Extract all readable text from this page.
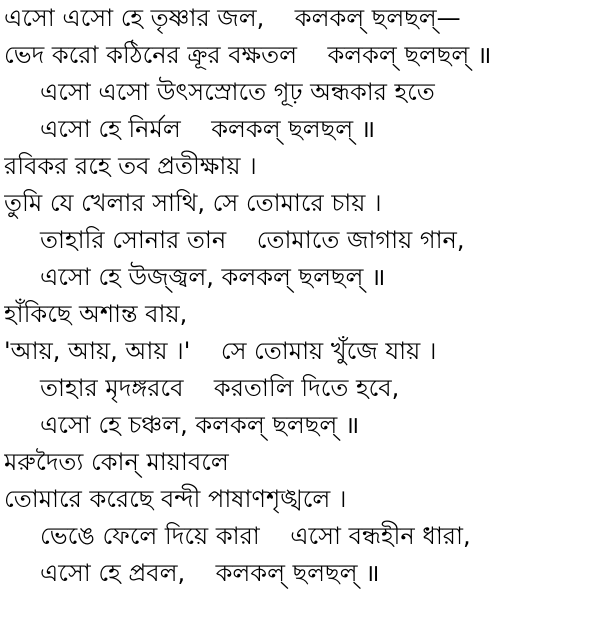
এসো এসো হে তৃষ্ণার জল,    কলকল্‌ ছলছল্‌—
ভেদ করো কঠিনের ক্রূর বক্ষতল    কলকল্‌ ছলছল্‌ ॥
এসো এসো উৎসস্রোতে গূঢ় অন্ধকার হতে
এসো হে নির্মল    কলকল্‌ ছলছল্‌ ॥
রবিকর রহে তব প্রতীক্ষায় ।
তুমি যে খেলার সাথি, সে তোমারে চায় ।
তাহারি সোনার তান    তোমাতে জাগায় গান,
এসো হে উজ্জ্বল, কলকল্‌ ছলছল্‌ ॥
হাঁকিছে অশান্ত বায়,
'আয়, আয়, আয় ।'    সে তোমায় খুঁজে যায় ।
তাহার মৃদঙ্গরবে    করতালি দিতে হবে,
এসো হে চঞ্চল, কলকল্‌ ছলছল্‌ ॥
মরুদৈত্য কোন্‌ মায়াবলে
তোমারে করেছে বন্দী পাষাণশৃঙ্খলে ।
ভেঙে ফেলে দিয়ে কারা    এসো বন্ধহীন ধারা,
এসো হে প্রবল,    কলকল্‌ ছলছল্‌ ॥
